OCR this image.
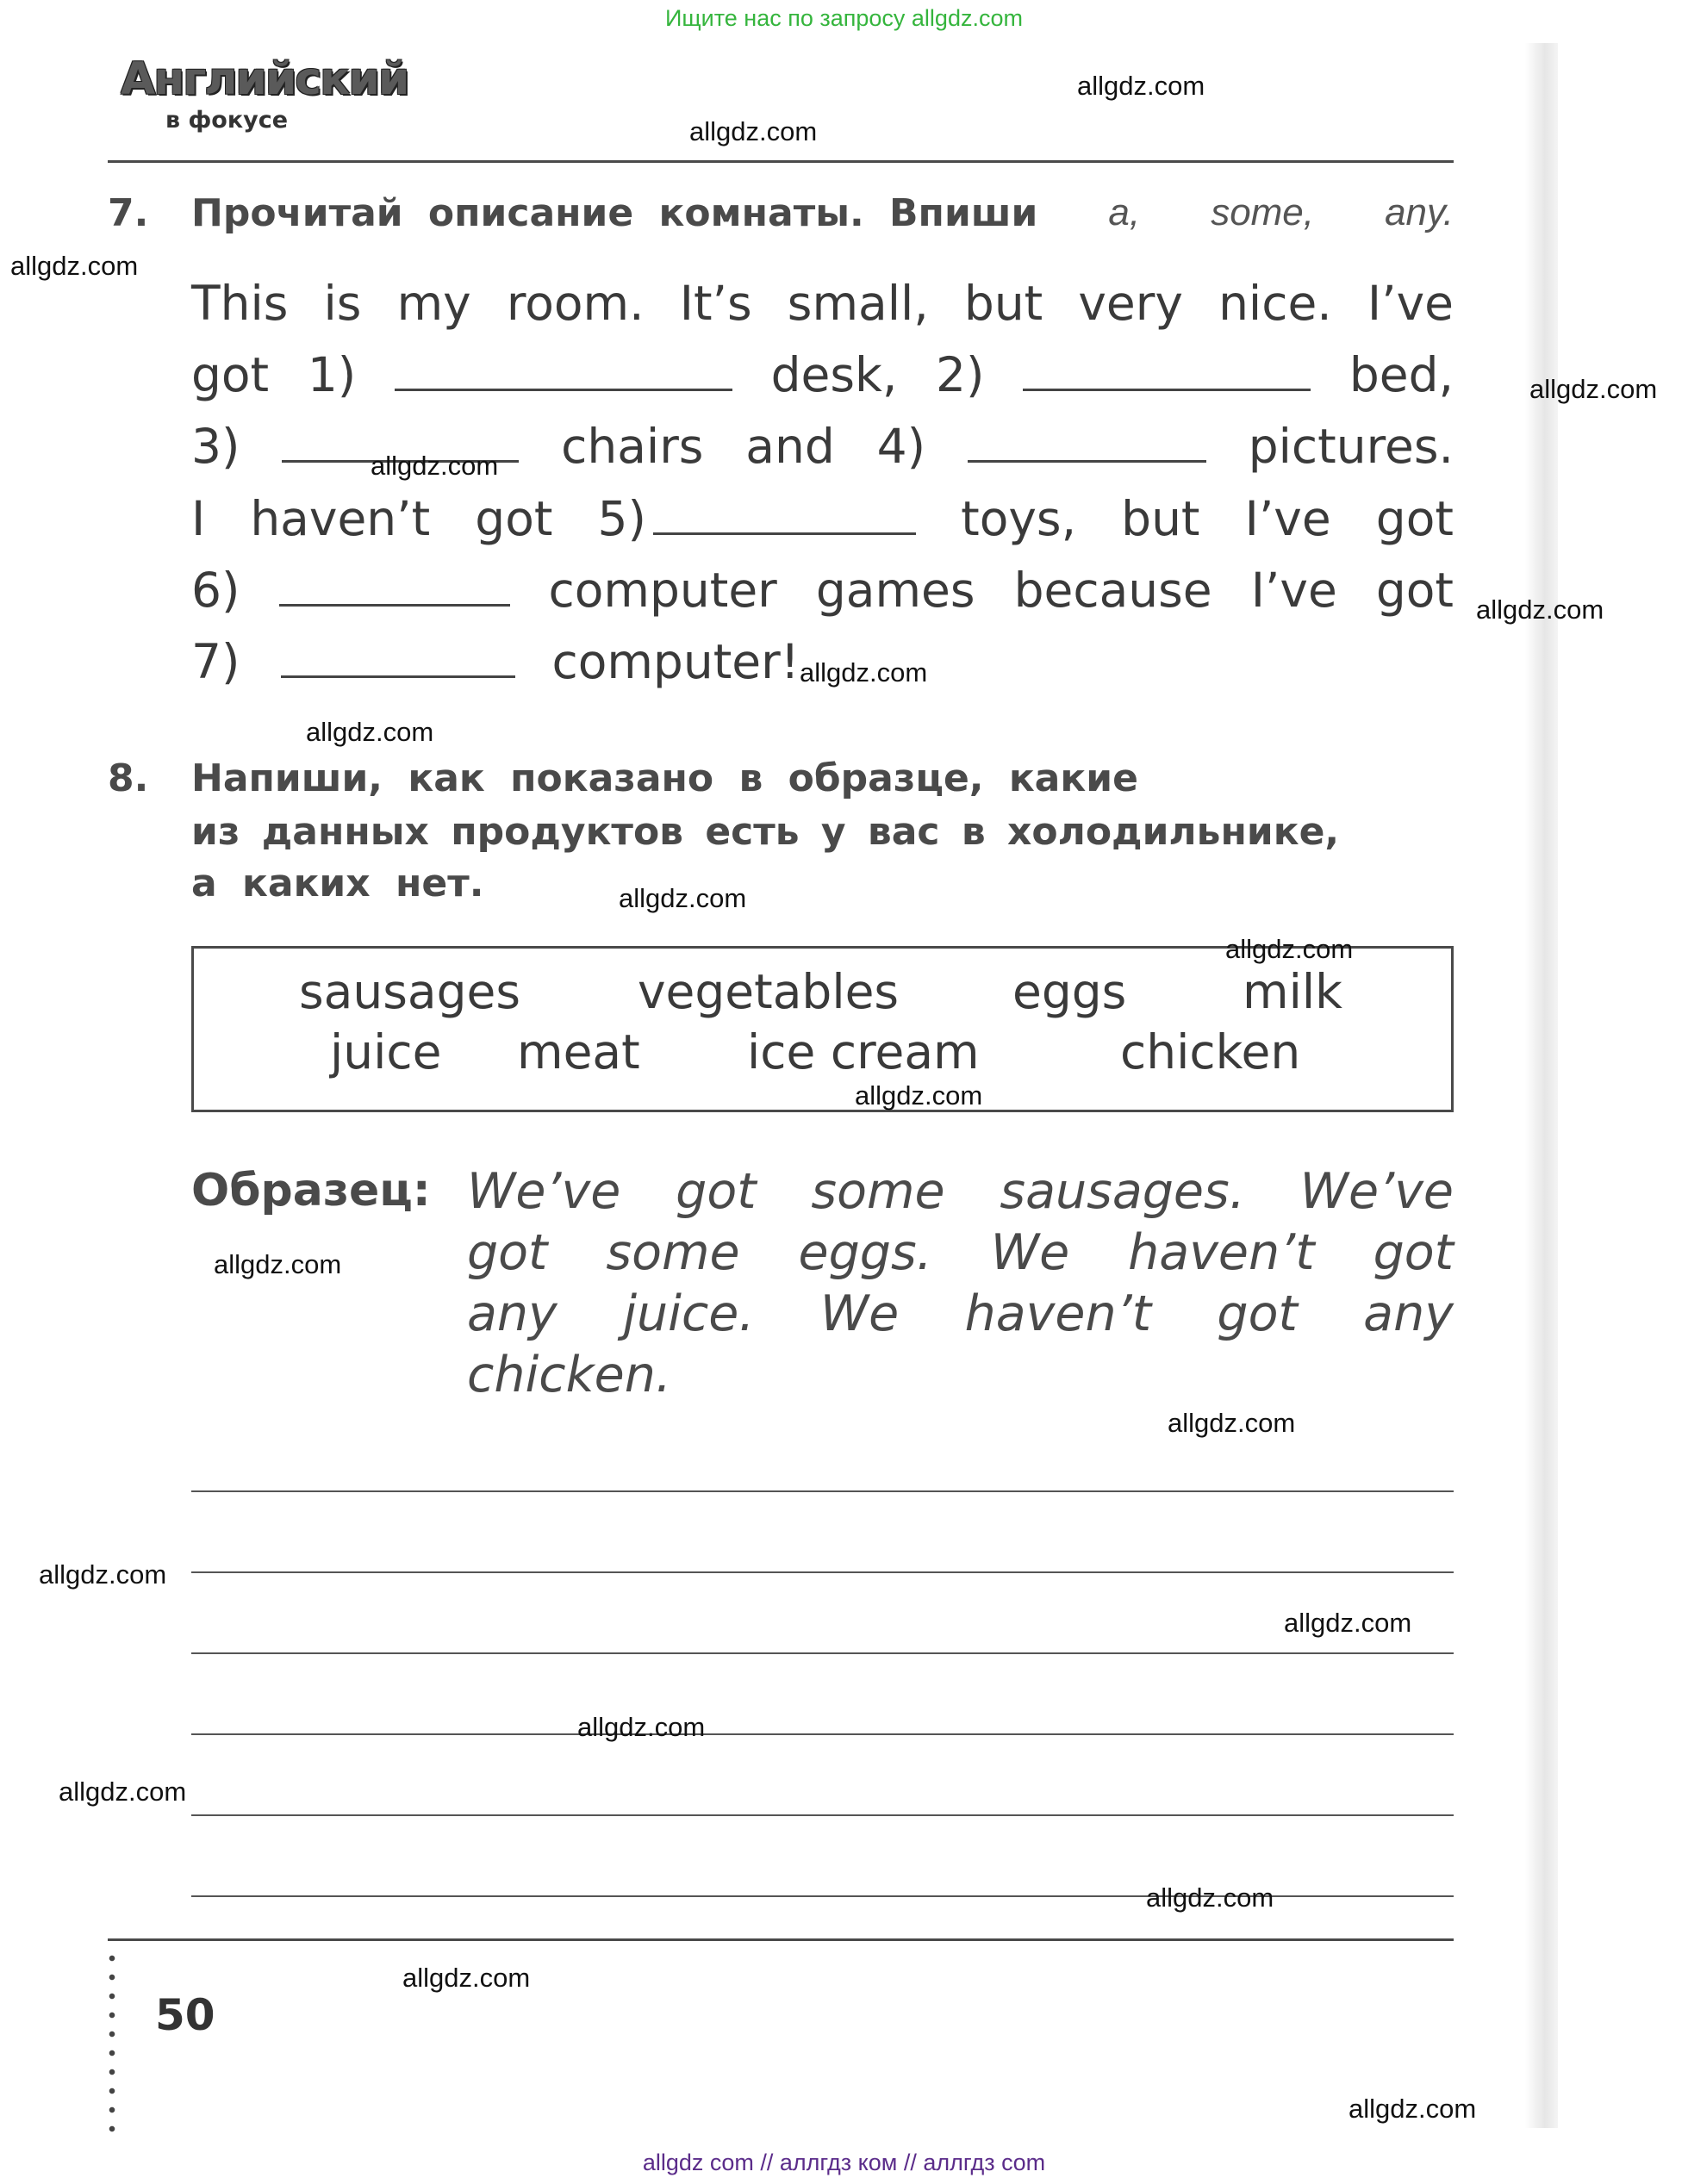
Ищите нас по запросу allgdz.com
Английский
в фокусе
7. Прочитай описание комнаты. Впиши a, some, any.
This is my room. It’s small, but very nice. I’ve
got 1)	desk, 2)	bed,
3)	chairs and 4)	pictures.
I haven’t got 5)	toys, but I’ve got
6)	computer games because I’ve got
7)	computer!
8. Напиши, как показано в образце, какие
из данных продуктов есть у вас в холодильнике,
а каких нет.
sausages vegetables eggs milk
juice meat ice cream	chicken
Образец: We’ve got some sausages. We’ve
got some eggs. We haven’t got
any juice. We haven’t got any
chicken.
50
allgdz.com
allgdz.com
allgdz.com
allgdz.com
allgdz.com
allgdz.com
allgdz.com
allgdz.com
allgdz.com
allgdz.com
allgdz.com
allgdz.com
allgdz.com
allgdz.com
allgdz.com
allgdz.com
allgdz.com
allgdz.com
allgdz.com
allgdz.com
allgdz com // аллгдз ком // аллгдз com
